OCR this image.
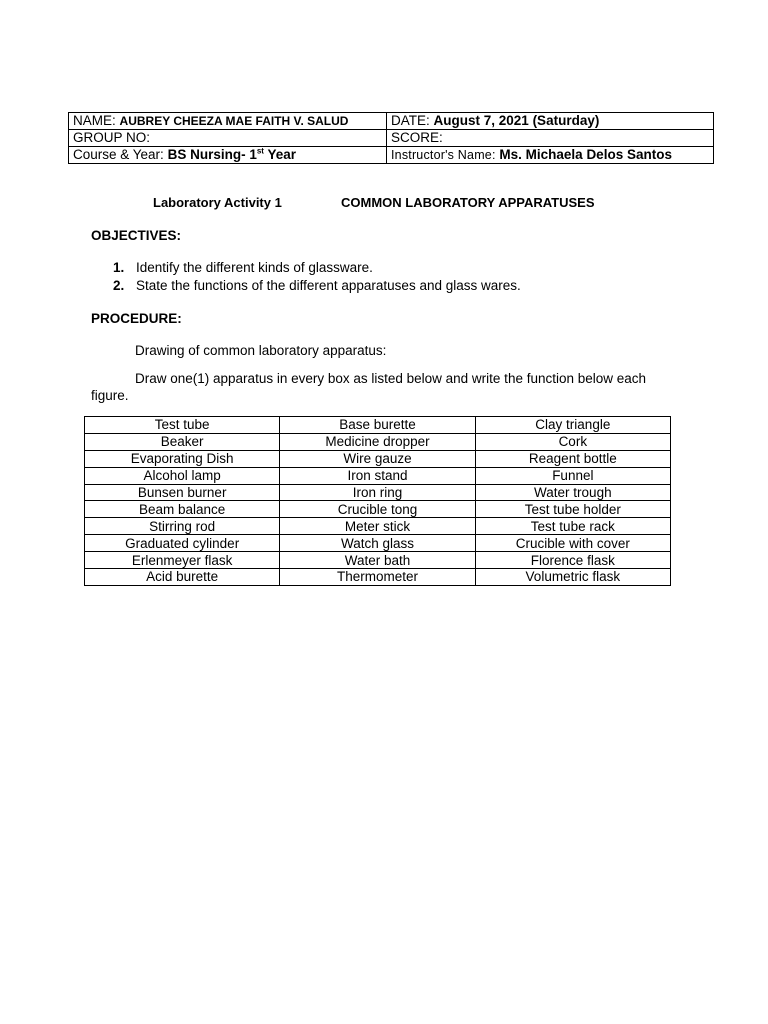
NAME: AUBREY CHEEZA MAE FAITH V. SALUD	DATE: August 7, 2021 (Saturday)
GROUP NO:	SCORE:
Course & Year: BS Nursing- 1st Year	Instructor's Name: Ms. Michaela Delos Santos
Laboratory Activity 1	COMMON LABORATORY APPARATUSES
OBJECTIVES:
1. Identify the different kinds of glassware.
2. State the functions of the different apparatuses and glass wares.
PROCEDURE:
Drawing of common laboratory apparatus:
Draw one(1) apparatus in every box as listed below and write the function below each figure.
Test tube	Base burette	Clay triangle
Beaker	Medicine dropper	Cork
Evaporating Dish	Wire gauze	Reagent bottle
Alcohol lamp	Iron stand	Funnel
Bunsen burner	Iron ring	Water trough
Beam balance	Crucible tong	Test tube holder
Stirring rod	Meter stick	Test tube rack
Graduated cylinder	Watch glass	Crucible with cover
Erlenmeyer flask	Water bath	Florence flask
Acid burette	Thermometer	Volumetric flask
